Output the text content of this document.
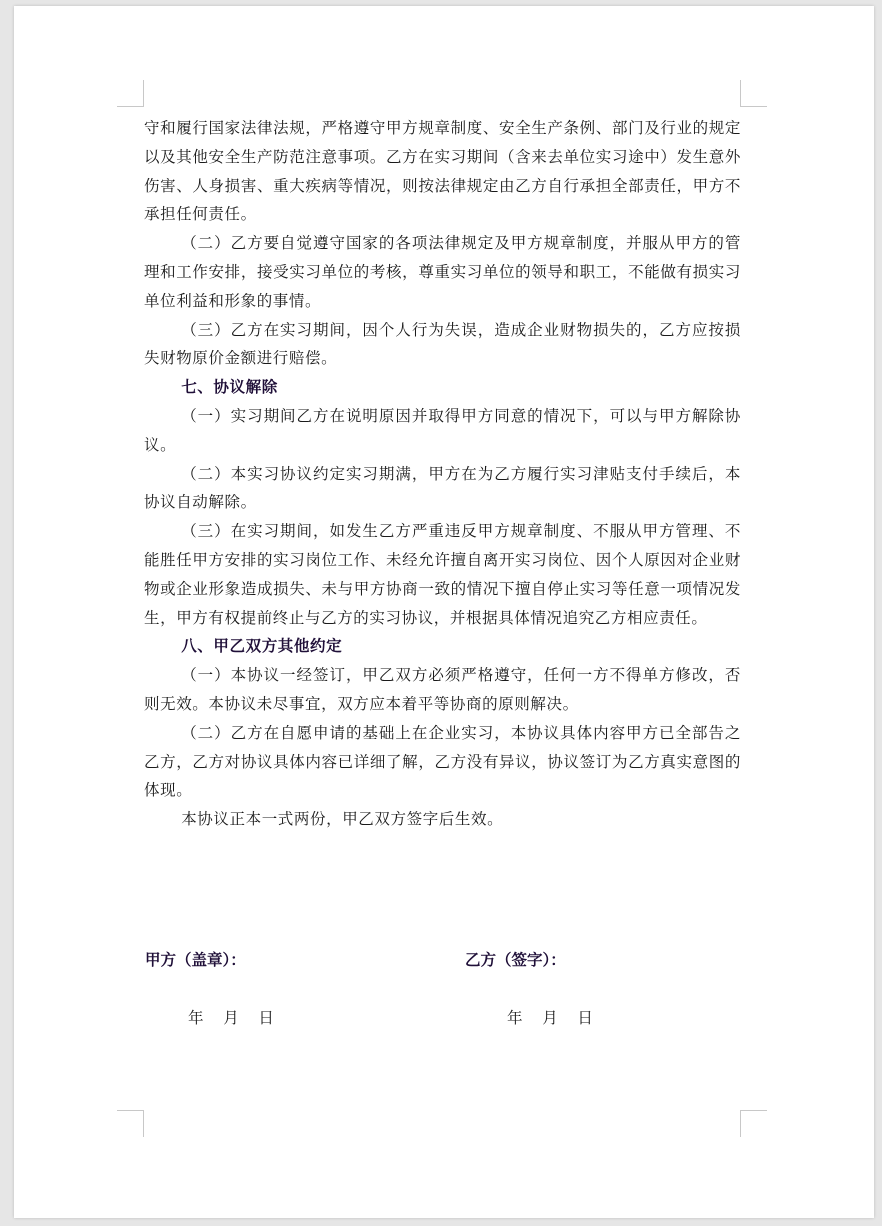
守和履行国家法律法规，严格遵守甲方规章制度、安全生产条例、部门及行业的规定以及其他安全生产防范注意事项。乙方在实习期间（含来去单位实习途中）发生意外伤害、人身损害、重大疾病等情况，则按法律规定由乙方自行承担全部责任，甲方不承担任何责任。

（二）乙方要自觉遵守国家的各项法律规定及甲方规章制度，并服从甲方的管理和工作安排，接受实习单位的考核，尊重实习单位的领导和职工，不能做有损实习单位利益和形象的事情。

（三）乙方在实习期间，因个人行为失误，造成企业财物损失的，乙方应按损失财物原价金额进行赔偿。

七、协议解除

（一）实习期间乙方在说明原因并取得甲方同意的情况下，可以与甲方解除协议。

（二）本实习协议约定实习期满，甲方在为乙方履行实习津贴支付手续后，本协议自动解除。

（三）在实习期间，如发生乙方严重违反甲方规章制度、不服从甲方管理、不能胜任甲方安排的实习岗位工作、未经允许擅自离开实习岗位、因个人原因对企业财物或企业形象造成损失、未与甲方协商一致的情况下擅自停止实习等任意一项情况发生，甲方有权提前终止与乙方的实习协议，并根据具体情况追究乙方相应责任。

八、甲乙双方其他约定

（一）本协议一经签订，甲乙双方必须严格遵守，任何一方不得单方修改，否则无效。本协议未尽事宜，双方应本着平等协商的原则解决。

（二）乙方在自愿申请的基础上在企业实习，本协议具体内容甲方已全部告之乙方，乙方对协议具体内容已详细了解，乙方没有异议，协议签订为乙方真实意图的体现。

本协议正本一式两份，甲乙双方签字后生效。

甲方（盖章）：	乙方（签字）：
年    月    日	年    月    日
